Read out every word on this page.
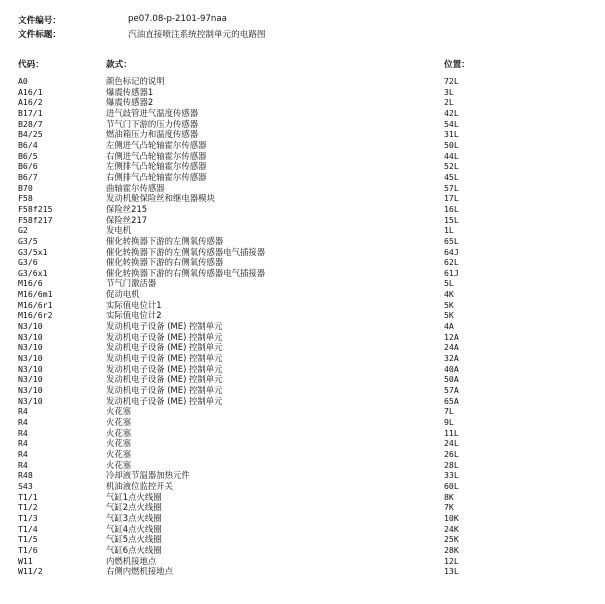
文件编号：	pe07.08-p-2101-97naa
文件标题：	汽油直接喷注系统控制单元的电路图
代码：	款式：	位置：
A0	颜色标记的说明	72L
A16/1	爆震传感器1	3L
A16/2	爆震传感器2	2L
B17/1	进气歧管进气温度传感器	42L
B28/7	节气门下游的压力传感器	54L
B4/25	燃油箱压力和温度传感器	31L
B6/4	左侧进气凸轮轴霍尔传感器	50L
B6/5	右侧进气凸轮轴霍尔传感器	44L
B6/6	左侧排气凸轮轴霍尔传感器	52L
B6/7	右侧排气凸轮轴霍尔传感器	45L
B70	曲轴霍尔传感器	57L
F58	发动机舱保险丝和继电器模块	17L
F58f215	保险丝215	16L
F58f217	保险丝217	15L
G2	发电机	1L
G3/5	催化转换器下游的左侧氧传感器	65L
G3/5x1	催化转换器下游的左侧氧传感器电气插接器	64J
G3/6	催化转换器下游的右侧氧传感器	62L
G3/6x1	催化转换器下游的右侧氧传感器电气插接器	61J
M16/6	节气门激活器	5L
M16/6m1	促动电机	4K
M16/6r1	实际值电位计1	5K
M16/6r2	实际值电位计2	5K
N3/10	发动机电子设备 (ME) 控制单元	4A
N3/10	发动机电子设备 (ME) 控制单元	12A
N3/10	发动机电子设备 (ME) 控制单元	24A
N3/10	发动机电子设备 (ME) 控制单元	32A
N3/10	发动机电子设备 (ME) 控制单元	40A
N3/10	发动机电子设备 (ME) 控制单元	50A
N3/10	发动机电子设备 (ME) 控制单元	57A
N3/10	发动机电子设备 (ME) 控制单元	65A
R4	火花塞	7L
R4	火花塞	9L
R4	火花塞	11L
R4	火花塞	24L
R4	火花塞	26L
R4	火花塞	28L
R48	冷却液节温器加热元件	33L
S43	机油液位监控开关	60L
T1/1	气缸1点火线圈	8K
T1/2	气缸2点火线圈	7K
T1/3	气缸3点火线圈	10K
T1/4	气缸4点火线圈	24K
T1/5	气缸5点火线圈	25K
T1/6	气缸6点火线圈	28K
W11	内燃机接地点	12L
W11/2	右侧内燃机接地点	13L
